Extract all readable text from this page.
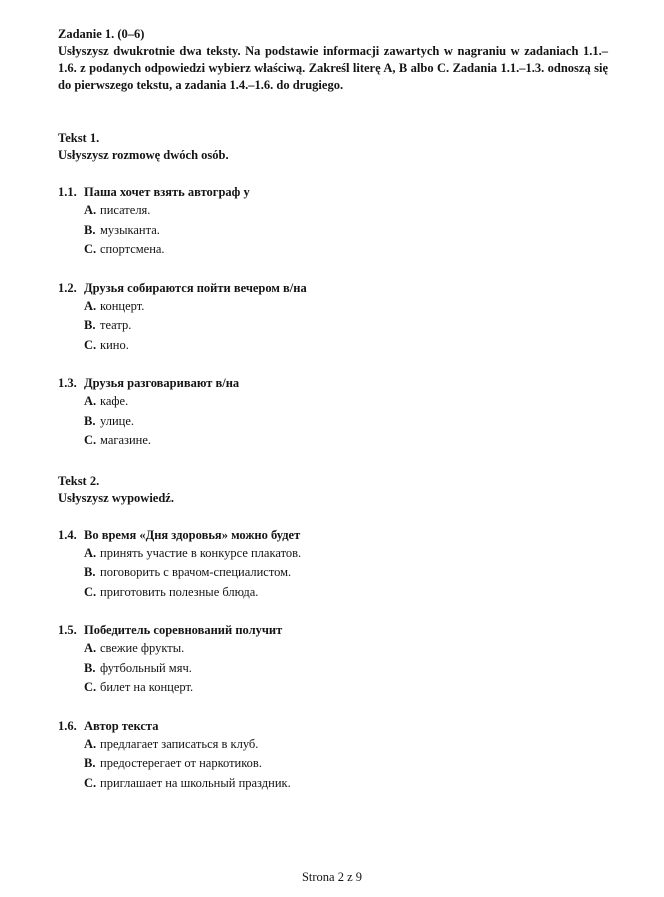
Zadanie 1. (0–6)

Usłyszysz dwukrotnie dwa teksty. Na podstawie informacji zawartych w nagraniu w zadaniach 1.1.–1.6. z podanych odpowiedzi wybierz właściwą. Zakreśl literę A, B albo C. Zadania 1.1.–1.3. odnoszą się do pierwszego tekstu, a zadania 1.4.–1.6. do drugiego.

Tekst 1.

Usłyszysz rozmowę dwóch osób.

1.1. Паша хочет взять автограф у

A. писателя.
B. музыканта.
C. спортсмена.

1.2. Друзья собираются пойти вечером в/на

A. концерт.
B. театр.
C. кино.

1.3. Друзья разговаривают в/на

A. кафе.
B. улице.
C. магазине.

Tekst 2.

Usłyszysz wypowiedź.

1.4. Во время «Дня здоровья» можно будет

A. принять участие в конкурсе плакатов.
B. поговорить с врачом-специалистом.
C. приготовить полезные блюда.

1.5. Победитель соревнований получит

A. свежие фрукты.
B. футбольный мяч.
C. билет на концерт.

1.6. Автор текста

A. предлагает записаться в клуб.
B. предостерегает от наркотиков.
C. приглашает на школьный праздник.
Strona 2 z 9
